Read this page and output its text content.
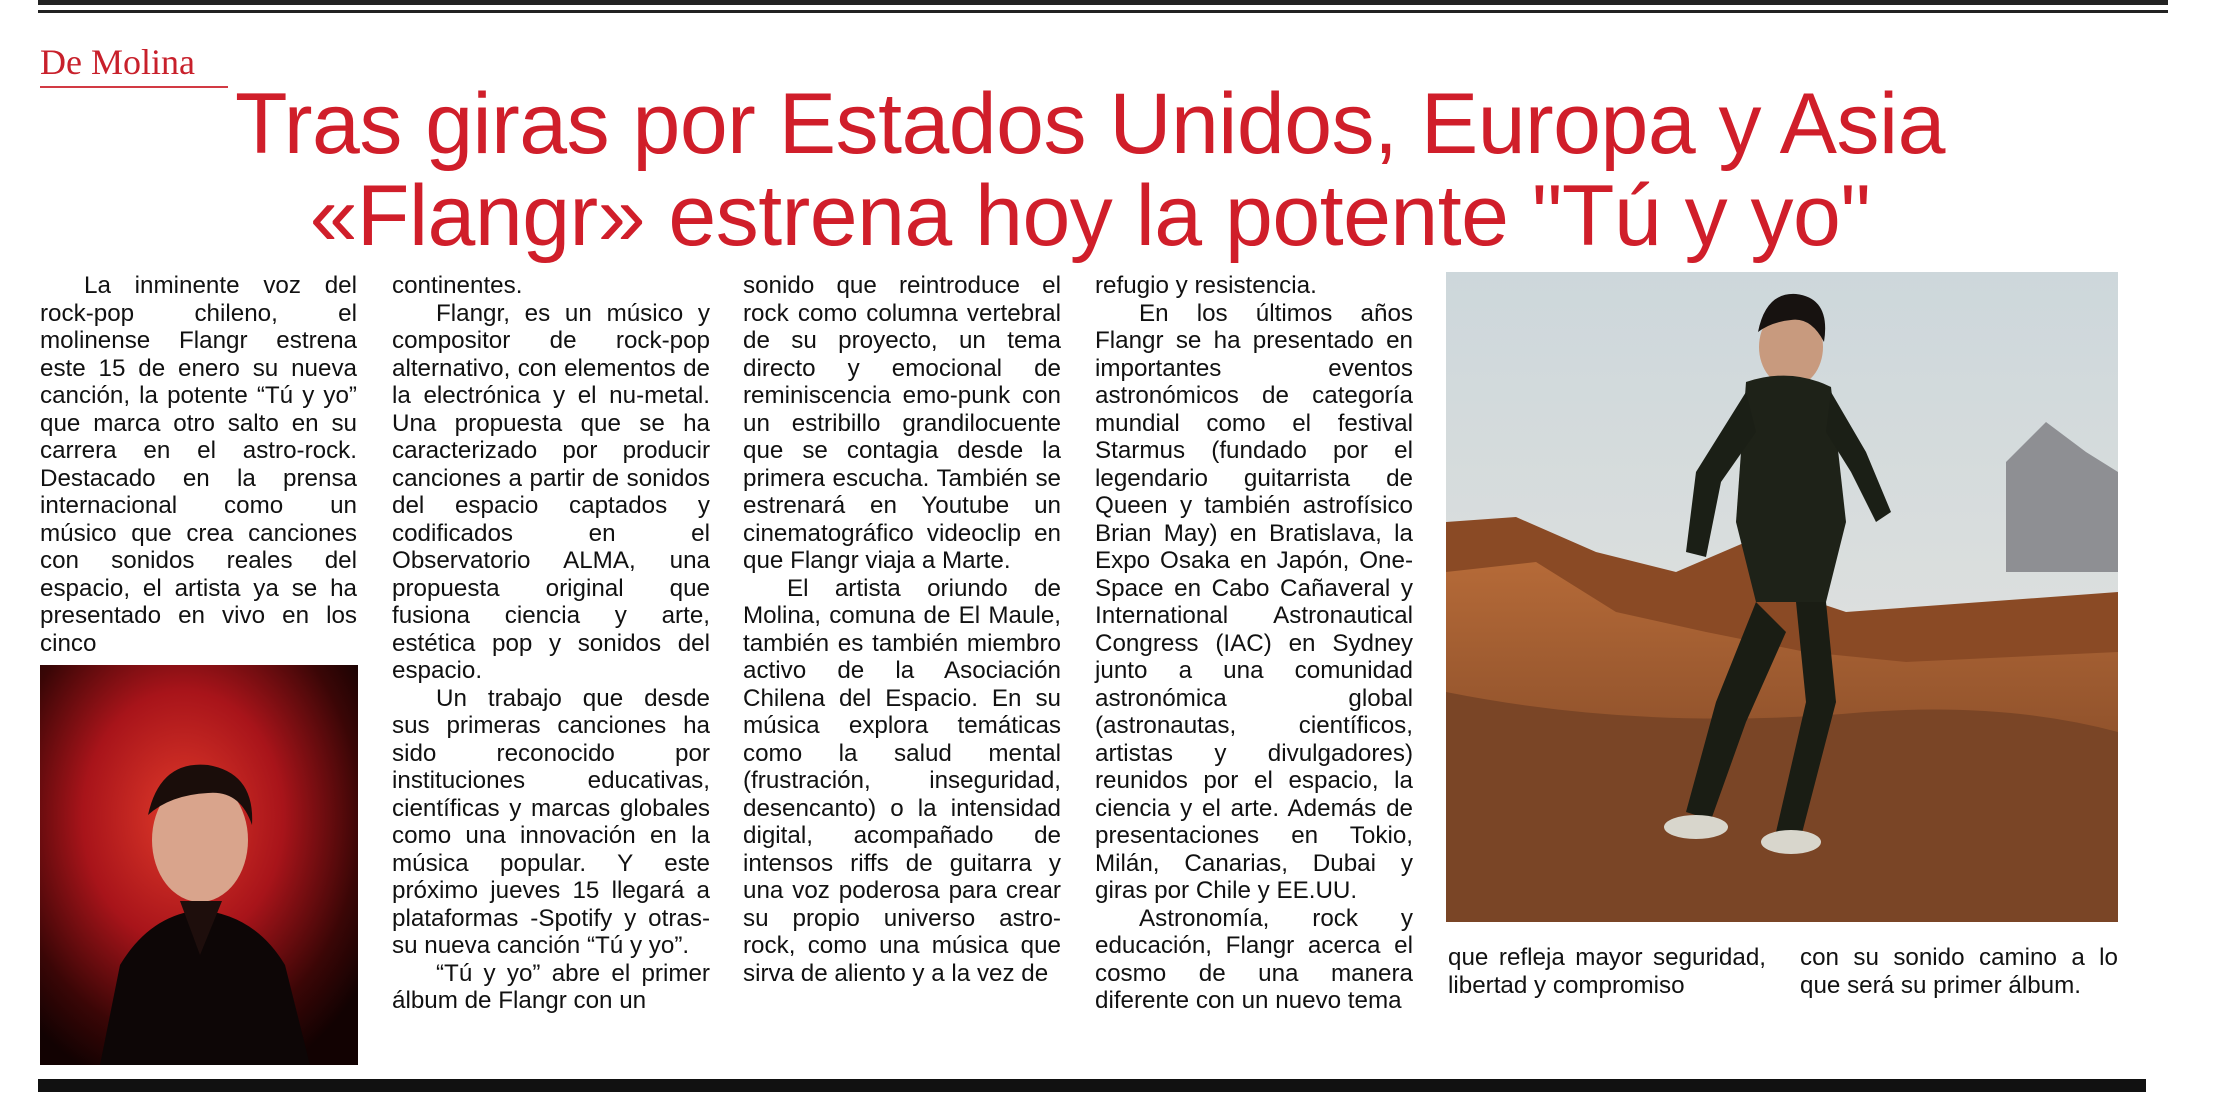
De Molina
Tras giras por Estados Unidos, Europa y Asia
«Flangr» estrena hoy la potente "Tú y yo"

La inminente voz del rock-pop chileno, el molinense Flangr estrena este 15 de enero su nueva canción, la potente “Tú y yo” que marca otro salto en su carrera en el astro-rock. Destacado en la prensa internacional como un músico que crea canciones con sonidos reales del espacio, el artista ya se ha presentado en vivo en los cinco

continentes.

Flangr, es un músico y compositor de rock-pop alternativo, con elementos de la electrónica y el nu-metal. Una propuesta que se ha caracterizado por producir canciones a partir de sonidos del espacio captados y codificados en el Observatorio ALMA, una propuesta original que fusiona ciencia y arte, estética pop y sonidos del espacio.

Un trabajo que desde sus primeras canciones ha sido reconocido por instituciones educativas, científicas y marcas globales como una innovación en la música popular. Y este próximo jueves 15 llegará a plataformas -Spotify y otras- su nueva canción “Tú y yo”.

“Tú y yo” abre el primer álbum de Flangr con un

sonido que reintroduce el rock como columna vertebral de su proyecto, un tema directo y emocional de reminiscencia emo-punk con un estribillo grandilocuente que se contagia desde la primera escucha. También se estrenará en Youtube un cinematográfico videoclip en que Flangr viaja a Marte.

El artista oriundo de Molina, comuna de El Maule, también es también miembro activo de la Asociación Chilena del Espacio. En su música explora temáticas como la salud mental (frustración, inseguridad, desencanto) o la intensidad digital, acompañado de intensos riffs de guitarra y una voz poderosa para crear su propio universo astro-rock, como una música que sirva de aliento y a la vez de

refugio y resistencia.

En los últimos años Flangr se ha presentado en importantes eventos astronómicos de categoría mundial como el festival Starmus (fundado por el legendario guitarrista de Queen y también astrofísico Brian May) en Bratislava, la Expo Osaka en Japón, One-Space en Cabo Cañaveral y International Astronautical Congress (IAC) en Sydney junto a una comunidad astronómica global (astronautas, científicos, artistas y divulgadores) reunidos por el espacio, la ciencia y el arte. Además de presentaciones en Tokio, Milán, Canarias, Dubai y giras por Chile y EE.UU.

Astronomía, rock y educación, Flangr acerca el cosmo de una manera diferente con un nuevo tema

que refleja mayor seguridad, libertad y compromiso

con su sonido camino a lo que será su primer álbum.
